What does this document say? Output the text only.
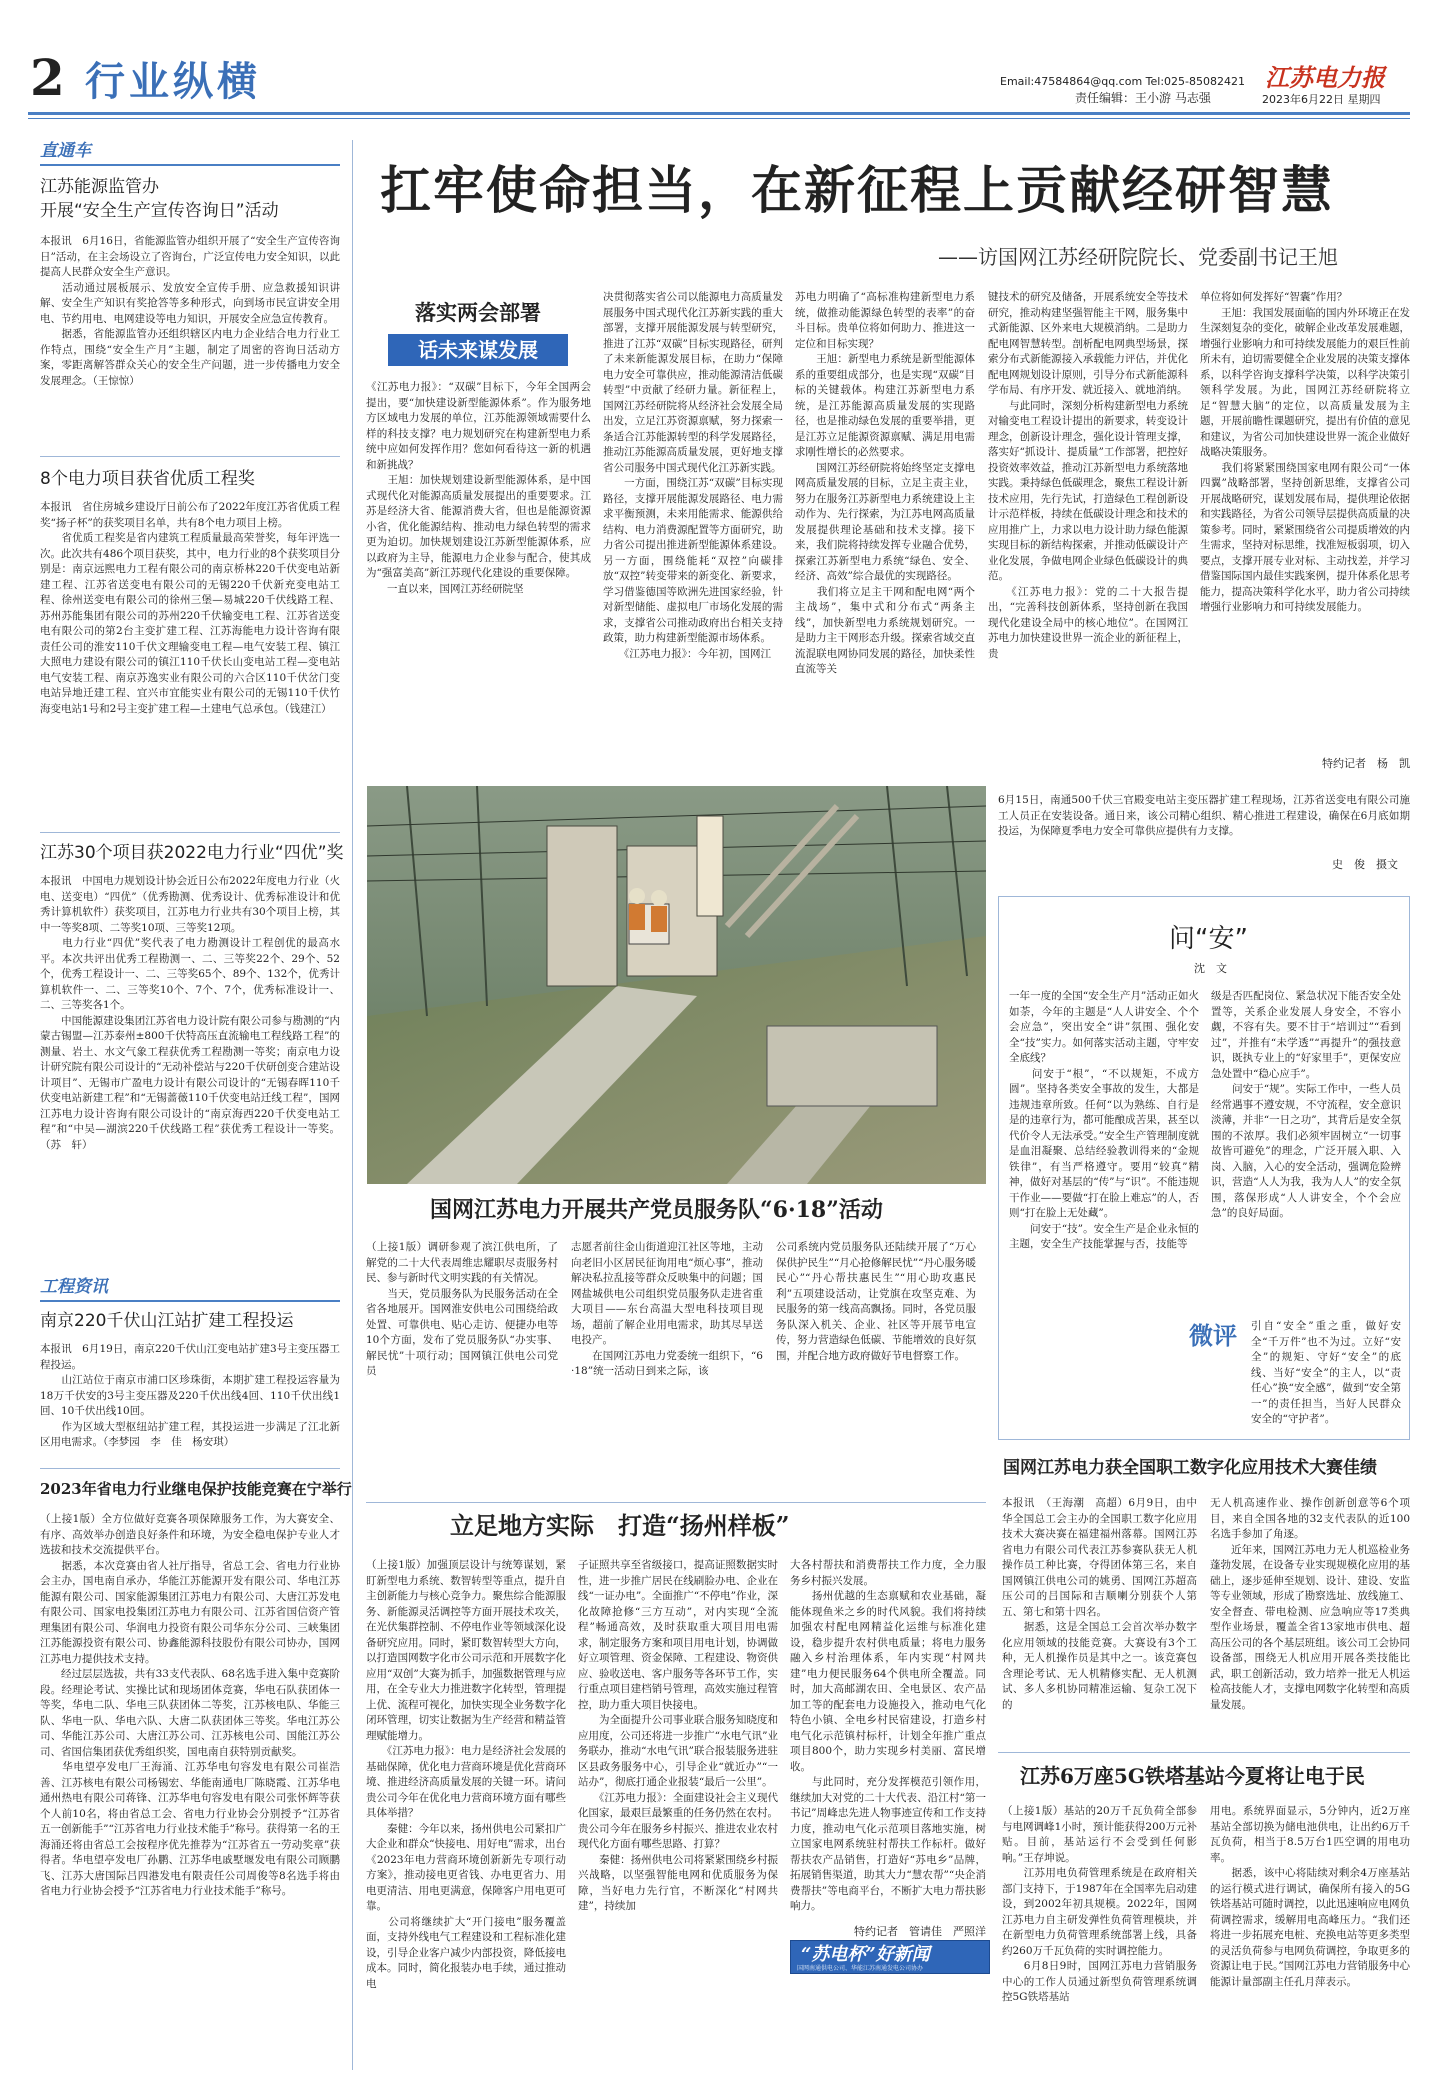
2 行业纵横	Email:47584864@qq.com Tel:025-85082421
责任编辑：王小游 马志强
江苏电力报
2023年6月22日 星期四
直通车
江苏能源监管办
开展“安全生产宣传咨询日”活动
本报讯　6月16日，省能源监管办组织开展了“安全生产宣传咨询日”活动，在主会场设立了咨询台，广泛宣传电力安全知识，以此提高人民群众安全生产意识。
　　活动通过展板展示、发放安全宣传手册、应急救援知识讲解、安全生产知识有奖抢答等多种形式，向到场市民宣讲安全用电、节约用电、电网建设等电力知识，开展安全应急宣传教育。
　　据悉，省能源监管办还组织辖区内电力企业结合电力行业工作特点，围绕“安全生产月”主题，制定了周密的咨询日活动方案，零距离解答群众关心的安全生产问题，进一步传播电力安全发展理念。（王惊惊）
8个电力项目获省优质工程奖
本报讯　省住房城乡建设厅日前公布了2022年度江苏省优质工程奖“扬子杯”的获奖项目名单，共有8个电力项目上榜。
　　省优质工程奖是省内建筑工程质量最高荣誉奖，每年评选一次。此次共有486个项目获奖，其中，电力行业的8个获奖项目分别是：南京远熙电力工程有限公司的南京桥林220千伏变电站新建工程、江苏省送变电有限公司的无锡220千伏新充变电站工程、徐州送变电有限公司的徐州三堡—易城220千伏线路工程、苏州苏能集团有限公司的苏州220千伏输变电工程、江苏省送变电有限公司的第2台主变扩建工程、江苏海能电力设计咨询有限责任公司的淮安110千伏文理输变电工程—电气安装工程、镇江大照电力建设有限公司的镇江110千伏长山变电站工程—变电站电气安装工程、南京苏逸实业有限公司的六合区110千伏岔门变电站异地迁建工程、宜兴市宜能实业有限公司的无锡110千伏竹海变电站1号和2号主变扩建工程—土建电气总承包。（钱建江）
江苏30个项目获2022电力行业“四优”奖
本报讯　中国电力规划设计协会近日公布2022年度电力行业（火电、送变电）“四优”（优秀勘测、优秀设计、优秀标准设计和优秀计算机软件）获奖项目，江苏电力行业共有30个项目上榜，其中一等奖8项、二等奖10项、三等奖12项。
　　电力行业“四优”奖代表了电力勘测设计工程创优的最高水平。本次共评出优秀工程勘测一、二、三等奖22个、29个、52个，优秀工程设计一、二、三等奖65个、89个、132个，优秀计算机软件一、二、三等奖10个、7个、7个，优秀标准设计一、二、三等奖各1个。
　　中国能源建设集团江苏省电力设计院有限公司参与勘测的“内蒙古锡盟—江苏泰州±800千伏特高压直流输电工程线路工程”的测量、岩土、水文气象工程获优秀工程勘测一等奖；南京电力设计研究院有限公司设计的“无动补偿站与220千伏研创变合建站设计项目”、无锡市广盈电力设计有限公司设计的“无锡春晖110千伏变电站新建工程”和“无锡蔷薇110千伏变电站迁线工程”，国网江苏电力设计咨询有限公司设计的“南京海西220千伏变电站工程”和“中吴—湖滨220千伏线路工程”获优秀工程设计一等奖。（苏　轩）
工程资讯
南京220千伏山江站扩建工程投运
本报讯　6月19日，南京220千伏山江变电站扩建3号主变压器工程投运。
　　山江站位于南京市浦口区珍珠街，本期扩建工程投运容量为18万千伏安的3号主变压器及220千伏出线4回、110千伏出线1回、10千伏出线10回。
　　作为区域大型枢纽站扩建工程，其投运进一步满足了江北新区用电需求。（李梦园　李　佳　杨安琪）
2023年省电力行业继电保护技能竞赛在宁举行
（上接1版）全方位做好竞赛各项保障服务工作，为大赛安全、有序、高效举办创造良好条件和环境，为安全稳电保护专业人才选拔和技术交流提供平台。
　　据悉，本次竞赛由省人社厅指导，省总工会、省电力行业协会主办，国电南自承办，华能江苏能源开发有限公司、华电江苏能源有限公司、国家能源集团江苏电力有限公司、大唐江苏发电有限公司、国家电投集团江苏电力有限公司、江苏省国信资产管理集团有限公司、华润电力投资有限公司华东分公司、三峡集团江苏能源投资有限公司、协鑫能源科技股份有限公司协办，国网江苏电力提供技术支持。
　　经过层层选拔，共有33支代表队、68名选手进入集中竞赛阶段。经理论考试、实操比试和现场团体竞赛，华电石队获团体一等奖，华电二队、华电三队获团体二等奖，江苏核电队、华能三队、华电一队、华电六队、大唐二队获团体三等奖。华电江苏公司、华能江苏公司、大唐江苏公司、江苏核电公司、国能江苏公司、省国信集团获优秀组织奖，国电南自获特别贡献奖。
　　华电望亭发电厂王海涌、江苏华电句容发电有限公司崔浩善、江苏核电有限公司杨锡宏、华能南通电厂陈晓霞、江苏华电通州热电有限公司蒋锋、江苏华电句容发电有限公司张怀辉等获个人前10名，将由省总工会、省电力行业协会分别授予“江苏省五一创新能手”“江苏省电力行业技术能手”称号。获得第一名的王海涌还将由省总工会按程序优先推荐为“江苏省五一劳动奖章”获得者。华电望亭发电厂孙鹏、江苏华电戚墅堰发电有限公司顾鹏飞、江苏大唐国际吕四港发电有限责任公司周俊等8名选手将由省电力行业协会授予“江苏省电力行业技术能手”称号。
扛牢使命担当，在新征程上贡献经研智慧
——访国网江苏经研院院长、党委副书记王旭
落实两会部署
话未来谋发展
《江苏电力报》：“双碳”目标下，今年全国两会提出，要“加快建设新型能源体系”。作为服务地方区域电力发展的单位，江苏能源领域需要什么样的科技支撑？电力规划研究在构建新型电力系统中应如何发挥作用？您如何看待这一新的机遇和新挑战？
　　王旭：加快规划建设新型能源体系，是中国式现代化对能源高质量发展提出的重要要求。江苏是经济大省、能源消费大省，但也是能源资源小省，优化能源结构、推动电力绿色转型的需求更为迫切。加快规划建设江苏新型能源体系，应以政府为主导，能源电力企业参与配合，使其成为“强富美高”新江苏现代化建设的重要保障。
　　一直以来，国网江苏经研院坚
决贯彻落实省公司以能源电力高质量发展服务中国式现代化江苏新实践的重大部署，支撑开展能源发展与转型研究，推进了江苏“双碳”目标实现路径，研判了未来新能源发展目标，在助力“保障电力安全可靠供应，推动能源清洁低碳转型”中贡献了经研力量。新征程上，国网江苏经研院将从经济社会发展全局出发，立足江苏资源禀赋，努力探索一条适合江苏能源转型的科学发展路径，推动江苏能源高质量发展，更好地支撑省公司服务中国式现代化江苏新实践。
　　一方面，围绕江苏“双碳”目标实现路径，支撑开展能源发展路径、电力需求平衡预测，未来用能需求、能源供给结构、电力消费源配置等方面研究，助力省公司提出推进新型能源体系建设。另一方面，围绕能耗“双控”向碳排放“双控”转变带来的新变化、新要求，学习借鉴德国等欧洲先进国家经验，针对新型储能、虚拟电厂市场化发展的需求，支撑省公司推动政府出台相关支持政策，助力构建新型能源市场体系。
　　《江苏电力报》：今年初，国网江
苏电力明确了“高标准构建新型电力系统，做推动能源绿色转型的表率”的奋斗目标。贵单位将如何助力、推进这一定位和目标实现？
　　王旭：新型电力系统是新型能源体系的重要组成部分，也是实现“双碳”目标的关键载体。构建江苏新型电力系统，是江苏能源高质量发展的实现路径，也是推动绿色发展的重要举措，更是江苏立足能源资源禀赋、满足用电需求刚性增长的必然要求。
　　国网江苏经研院将始终坚定支撑电网高质量发展的目标，立足主责主业，努力在服务江苏新型电力系统建设上主动作为、先行探索，为江苏电网高质量发展提供理论基础和技术支撑。接下来，我们院将持续发挥专业融合优势，探索江苏新型电力系统“绿色、安全、经济、高效”综合最优的实现路径。
　　我们将立足主干网和配电网“两个主战场”，集中式和分布式“两条主线”，加快新型电力系统规划研究。一是助力主干网形态升级。探索省域交直流混联电网协同发展的路径，加快柔性直流等关
键技术的研究及储备，开展系统安全等技术研究，推动构建坚强智能主干网，服务集中式新能源、区外来电大规模消纳。二是助力配电网智慧转型。剖析配电网典型场景，探索分布式新能源接入承载能力评估，并优化配电网规划设计原则，引导分布式新能源科学布局、有序开发、就近接入、就地消纳。
　　与此同时，深刻分析构建新型电力系统对输变电工程设计提出的新要求，转变设计理念，创新设计理念，强化设计管理支撑，落实好“抓设计、提质量”工作部署，把控好投资效率效益，推动江苏新型电力系统落地实践。秉持绿色低碳理念，聚焦工程设计新技术应用，先行先试，打造绿色工程创新设计示范样板，持续在低碳设计理念和技术的应用推广上，力求以电力设计助力绿色能源实现目标的新结构探索，并推动低碳设计产业化发展，争做电网企业绿色低碳设计的典范。
　　《江苏电力报》：党的二十大报告提出，“完善科技创新体系，坚持创新在我国现代化建设全局中的核心地位”。在国网江苏电力加快建设世界一流企业的新征程上，贵
单位将如何发挥好“智囊”作用？
　　王旭：我国发展面临的国内外环境正在发生深刻复杂的变化，破解企业改革发展难题，增强行业影响力和可持续发展能力的艰巨性前所未有，迫切需要健全企业发展的决策支撑体系，以科学咨询支撑科学决策，以科学决策引领科学发展。为此，国网江苏经研院将立足“智慧大脑”的定位，以高质量发展为主题，开展前瞻性课题研究，提出有价值的意见和建议，为省公司加快建设世界一流企业做好战略决策服务。
　　我们将紧紧围绕国家电网有限公司“一体四翼”战略部署，坚持创新思维，支撑省公司开展战略研究，谋划发展布局，提供理论依据和实践路径，为省公司领导层提供高质量的决策参考。同时，紧紧围绕省公司提质增效的内生需求，坚持对标思维，找准短板弱项，切入要点，支撑开展专业对标、主动找差，并学习借鉴国际国内最佳实践案例，提升体系化思考能力，提高决策科学化水平，助力省公司持续增强行业影响力和可持续发展能力。
特约记者　杨　凯
6月15日，南通500千伏三官殿变电站主变压器扩建工程现场，江苏省送变电有限公司施工人员正在安装设备。通日来，该公司精心组织、精心推进工程建设，确保在6月底如期投运，为保障夏季电力安全可靠供应提供有力支撑。
史　俊　摄文
国网江苏电力开展共产党员服务队“6·18”活动
（上接1版）调研参观了滨江供电所，了解党的二十大代表周维忠耀职尽责服务村民、参与新时代文明实践的有关情况。
　　当天，党员服务队为民服务活动在全省各地展开。国网淮安供电公司围绕给政处置、可靠供电、贴心走访、便捷办电等10个方面，发布了党员服务队“办实事、解民忧”十项行动；国网镇江供电公司党员
志愿者前往金山街道迎江社区等地，主动向老旧小区居民征询用电“烦心事”，推动解决私拉乱接等群众反映集中的问题；国网盐城供电公司组织党员服务队走进省重大项目——东台高温大型电科技项目现场，超前了解企业用电需求，助其尽早送电投产。
　　在国网江苏电力党委统一组织下，“6·18”统一活动日到来之际，该
公司系统内党员服务队还陆续开展了“万心保供护民生”“月心抢修解民忧”“丹心服务暖民心”“丹心帮扶惠民生”“用心助攻惠民利”五项建设活动，让党旗在攻坚克难、为民服务的第一线高高飘扬。同时，各党员服务队深入机关、企业、社区等开展节电宣传，努力营造绿色低碳、节能增效的良好氛围，并配合地方政府做好节电督察工作。
立足地方实际　打造“扬州样板”
（上接1版）加强顶层设计与统筹谋划，紧盯新型电力系统、数智转型等重点，提升自主创新能力与核心竞争力。聚焦综合能源服务、新能源灵活调控等方面开展技术攻关，在光伏集群控制、不停电作业等领域深化设备研究应用。同时，紧盯数智转型大方向，以打造国网数字化市公司示范和开展数字化应用“双创”大赛为抓手，加强数据管理与应用，在全专业大力推进数字化转型，管理提上优、流程可视化，加快实现全业务数字化闭环管理，切实让数据为生产经营和精益管理赋能增力。
　　《江苏电力报》：电力是经济社会发展的基础保障，优化电力营商环境是优化营商环境、推进经济高质量发展的关键一环。请问贵公司今年在优化电力营商环境方面有哪些具体举措？
　　秦健：今年以来，扬州供电公司紧扣广大企业和群众“快接电、用好电”需求，出台《2023年电力营商环境创新新先专项行动方案》，推动接电更省钱、办电更省力、用电更清洁、用电更满意，保障客户用电更可靠。
　　公司将继续扩大“开门接电”服务覆盖面，支持外线电气工程建设和工程标准化建设，引导企业客户减少内部投资，降低接电成本。同时，简化报装办电手续，通过推动电
子证照共享至省级接口，提高证照数据实时性，进一步推广居民在线刷脸办电、企业在线“一证办电”。全面推广“不停电”作业，深化故障抢修“三方互动”，对内实现“全流程”畅通高效，及时获取重大项目用电需求，制定服务方案和项目用电计划，协调做好立项管理、资金保障、工程建设、物资供应、验收送电、客户服务等各环节工作，实行重点项目建档销号管理，高效实施过程管控，助力重大项目快接电。
　　为全面提升公司事业联合服务知晓度和应用度，公司还将进一步推广“水电气讯”业务联办，推动“水电气讯”联合报装服务进驻区县政务服务中心，引导企业“就近办”“一站办”，彻底打通企业报装“最后一公里”。
　　《江苏电力报》：全面建设社会主义现代化国家，最艰巨最繁重的任务仍然在农村。贵公司今年在服务乡村振兴、推进农业农村现代化方面有哪些思路、打算？
　　秦健：扬州供电公司将紧紧围绕乡村振兴战略，以坚强智能电网和优质服务为保障，当好电力先行官，不断深化“村网共建”，持续加
大各村帮扶和消费帮扶工作力度，全力服务乡村振兴发展。
　　扬州优越的生态禀赋和农业基础，凝能体现鱼米之乡的时代风貌。我们将持续加强农村配电网精益化运维与标准化建设，稳步提升农村供电质量；将电力服务融入乡村治理体系，年内实现“村网共建”电力便民服务64个供电所全覆盖。同时，加大高邮湖农田、全电景区、农产品加工等的配套电力设施投入，推动电气化特色小镇、全电乡村民宿建设，打造乡村电气化示范镇村标杆，计划全年推广重点项目800个，助力实现乡村美丽、富民增收。
　　与此同时，充分发挥模范引领作用，继续加大对党的二十大代表、沿江村“第一书记”周峰忠先进人物事迹宣传和工作支持力度，推动电气化示范项目落地实施，树立国家电网系统驻村帮扶工作标杆。做好帮扶农产品销售，打造好“苏电乡”品牌，拓展销售渠道，助其大力“慧农帮”“央企消费帮扶”等电商平台，不断扩大电力帮扶影响力。
特约记者　管请佳　严照洋
“苏电杯”好新闻
国网南通供电公司、华能江苏南通发电公司协办
问“安”
沈　文
一年一度的全国“安全生产月”活动正如火如荼，今年的主题是“人人讲安全、个个会应急”，突出安全“讲”氛围、强化安全“技”实力。如何落实活动主题，守牢安全底线？
　　问安于“根”，“不以规矩，不成方圆”。坚持各类安全事故的发生，大都是违规违章所致。任何“以为熟练、自行是是的违章行为，都可能酿成苦果，甚至以代价令人无法承受。”安全生产管理制度就是血泪凝聚、总结经验教训得来的“金规铁律”，有当严格遵守。要用“较真”精神，做好对基层的“传”与“识”。不能违规干作业——要做“打在脸上难忘”的人，否则“打在脸上无处藏”。
　　问安于“技”。安全生产是企业永恒的主题，安全生产技能掌握与否，技能等
级是否匹配岗位、紧急状况下能否安全处置等，关系企业发展人身安全，不容小觑，不容有失。要不甘于“培训过”“看到过”，并推有“未学透”“再提升”的强技意识，既执专业上的“好家里手”，更保安应急处置中“稳心应手”。
　　问安于“规”。实际工作中，一些人员经常遇事不遵安规，不守流程，安全意识淡薄，并非“一日之功”，其背后是安全氛围的不浓厚。我们必须牢固树立“一切事故皆可避免”的理念，广泛开展入职、入岗、入脑，入心的安全活动，强调危险辨识，营造“人人为我，我为人人”的安全氛围，落保形成“人人讲安全，个个会应急”的良好局面。
微评	引自“安全”重之重，做好安全“千万件”也不为过。立好“安全”的规矩、守好“安全”的底线、当好“安全”的主人，以“责任心”换“安全感”，做到“安全第一”的责任担当，当好人民群众安全的“守护者”。
国网江苏电力获全国职工数字化应用技术大赛佳绩
本报讯　（王海潮　高超）6月9日，由中华全国总工会主办的全国职工数字化应用技术大赛决赛在福建福州落幕。国网江苏省电力有限公司代表江苏参赛队获无人机操作员工种比赛，夺得团体第三名，来自国网镇江供电公司的姚勇、国网江苏超高压公司的吕国际和吉顺喇分别获个人第五、第七和第十四名。
　　据悉，这是全国总工会首次举办数字化应用领域的技能竞赛。大赛设有3个工种，无人机操作员是其中之一。该竞赛包含理论考试、无人机精修实配、无人机测试、多人多机协同精准运输、复杂工况下的
无人机高速作业、操作创新创意等6个项目，来自全国各地的32支代表队的近100名选手参加了角逐。
　　近年来，国网江苏电力无人机巡检业务蓬勃发展，在设备专业实现规模化应用的基础上，逐步延伸至规划、设计、建设、安监等专业领域，形成了勘察选址、放线施工、安全督查、带电检测、应急响应等17类典型作业场景，覆盖全省13家地市供电、超高压公司的各个基层班组。该公司工会协同设备部，围绕无人机应用开展各类技能比武，职工创新活动，致力培养一批无人机运检高技能人才，支撑电网数字化转型和高质量发展。
江苏6万座5G铁塔基站今夏将让电于民
（上接1版）基站的20万千瓦负荷全部参与电网调峰1小时，预计能获得200万元补贴。目前，基站运行不会受到任何影响。”王存坤说。
　　江苏用电负荷管理系统是在政府相关部门支持下，于1987年在全国率先启动建设，到2002年初具规模。2022年，国网江苏电力自主研发弹性负荷管理模块，并在新型电力负荷管理系统部署上线，具备约260万千瓦负荷的实时调控能力。
　　6月8日9时，国网江苏电力营销服务中心的工作人员通过新型负荷管理系统调控5G铁塔基站
用电。系统界面显示，5分钟内，近2万座基站全部切换为储电池供电，让出约6万千瓦负荷，相当于8.5万台1匹空调的用电功率。
　　据悉，该中心将陆续对剩余4万座基站的运行模式进行调试，确保所有接入的5G铁塔基站可随时调控，以此迅速响应电网负荷调控需求，缓解用电高峰压力。“我们还将进一步拓展充电桩、充换电站等更多类型的灵活负荷参与电网负荷调控，争取更多的资源让电于民。”国网江苏电力营销服务中心能源计量部副主任孔月萍表示。
